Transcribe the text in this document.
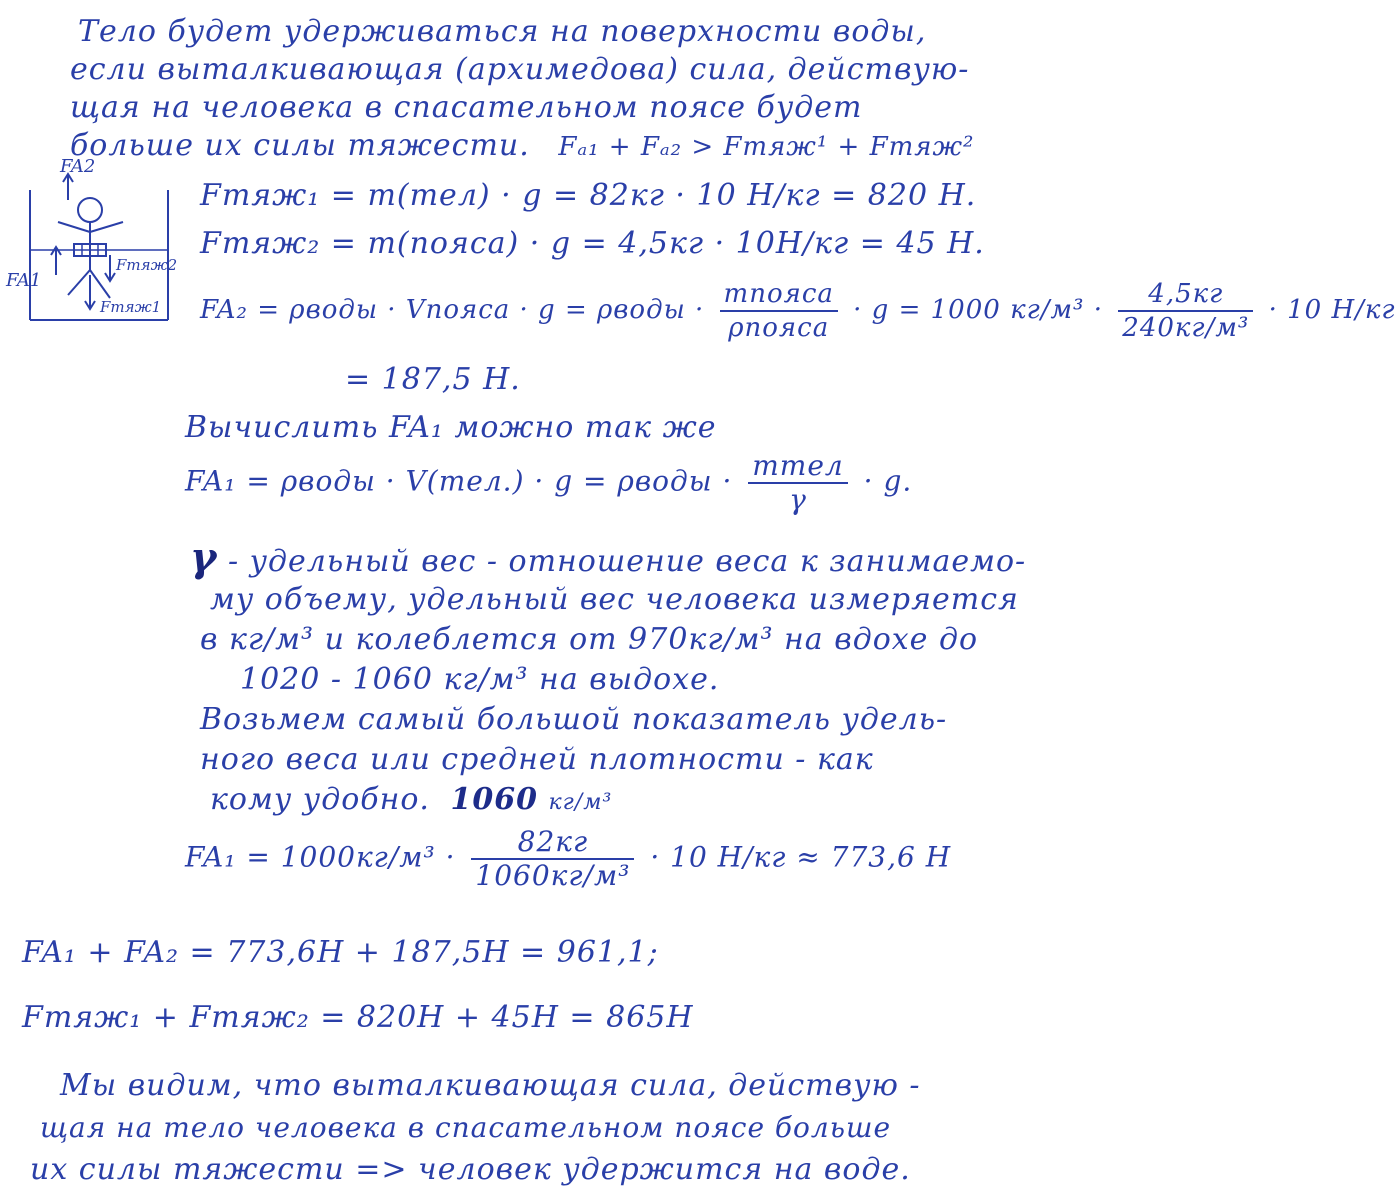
Тело будет удерживаться на поверхности воды,
если выталкивающая (архимедова) сила, действую-
щая на человека в спасательном поясе будет
больше их силы тяжести. Fₐ₁ + Fₐ₂ > Fтяж¹ + Fтяж²
FA2
FA1
Fтяж2
Fтяж1
Fтяж₁ = m(тел) · g = 82кг · 10 Н/кг = 820 Н.
Fтяж₂ = m(пояса) · g = 4,5кг · 10Н/кг = 45 Н.
FA₂ = ρводы · Vпояса · g = ρводы · $\frac{\text{mпояса}}{\text{ρпояса}} \cdot g = 1000$ $кг/м^3 \cdot \frac{4,5кг}{\text{240кг/м³}} \cdot 10$ Н/кг
= 187,5 Н.
Вычислить FA₁ можно так же
FA₁ = ρводы · V(тел.) · g = ρводы · $\frac{\text{mтел}}{\gamma} \cdot g$.
γ - удельный вес - отношение веса к занимаемо-
му объему, удельный вес человека измеряется
в кг/м³ и колеблется от 970кг/м³ на вдохе до
1020 - 1060 кг/м³ на выдохе.
Возьмем самый большой показатель удель-
ного веса или средней плотности - как
кому удобно. 1060 кг/м³
$FA_1 = 1000кг/м^3 \cdot \frac{82кг}{\text{1060кг/м³}} \cdot 10$ Н/кг ≈ 773,6 Н
FA₁ + FA₂ = 773,6Н + 187,5Н = 961,1;
Fтяж₁ + Fтяж₂ = 820Н + 45Н = 865Н
Мы видим, что выталкивающая сила, действую -
щая на тело человека в спасательном поясе больше
их силы тяжести => человек удержится на воде.
